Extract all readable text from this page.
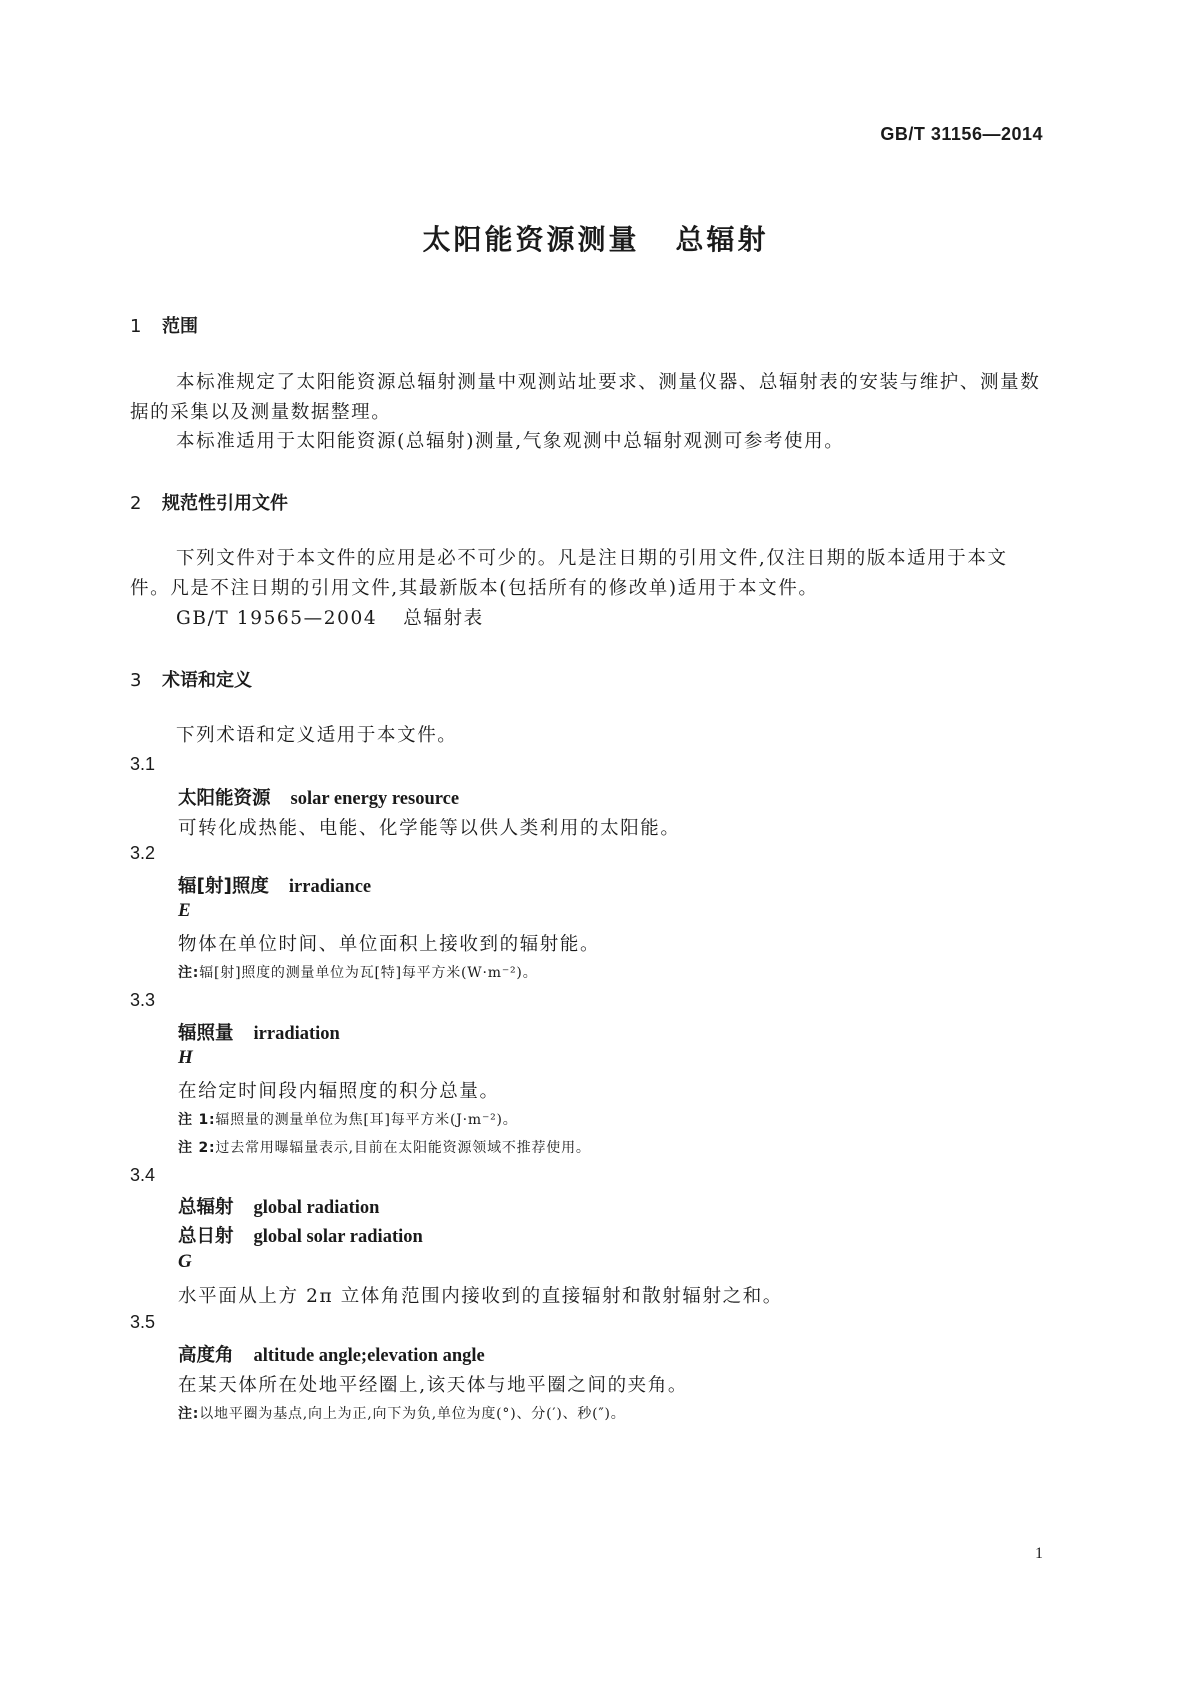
GB/T 31156—2014
太阳能资源测量 总辐射
1 范围
本标准规定了太阳能资源总辐射测量中观测站址要求、测量仪器、总辐射表的安装与维护、测量数
据的采集以及测量数据整理。
本标准适用于太阳能资源(总辐射)测量,气象观测中总辐射观测可参考使用。
2 规范性引用文件
下列文件对于本文件的应用是必不可少的。凡是注日期的引用文件,仅注日期的版本适用于本文
件。凡是不注日期的引用文件,其最新版本(包括所有的修改单)适用于本文件。
GB/T 19565—2004 总辐射表
3 术语和定义
下列术语和定义适用于本文件。
3.1
太阳能资源 solar energy resource
可转化成热能、电能、化学能等以供人类利用的太阳能。
3.2
辐[射]照度 irradiance
E
物体在单位时间、单位面积上接收到的辐射能。
注:辐[射]照度的测量单位为瓦[特]每平方米(W·m⁻²)。
3.3
辐照量 irradiation
H
在给定时间段内辐照度的积分总量。
注 1:辐照量的测量单位为焦[耳]每平方米(J·m⁻²)。
注 2:过去常用曝辐量表示,目前在太阳能资源领域不推荐使用。
3.4
总辐射 global radiation
总日射 global solar radiation
G
水平面从上方 2π 立体角范围内接收到的直接辐射和散射辐射之和。
3.5
高度角 altitude angle;elevation angle
在某天体所在处地平经圈上,该天体与地平圈之间的夹角。
注:以地平圈为基点,向上为正,向下为负,单位为度(°)、分(′)、秒(″)。
1
